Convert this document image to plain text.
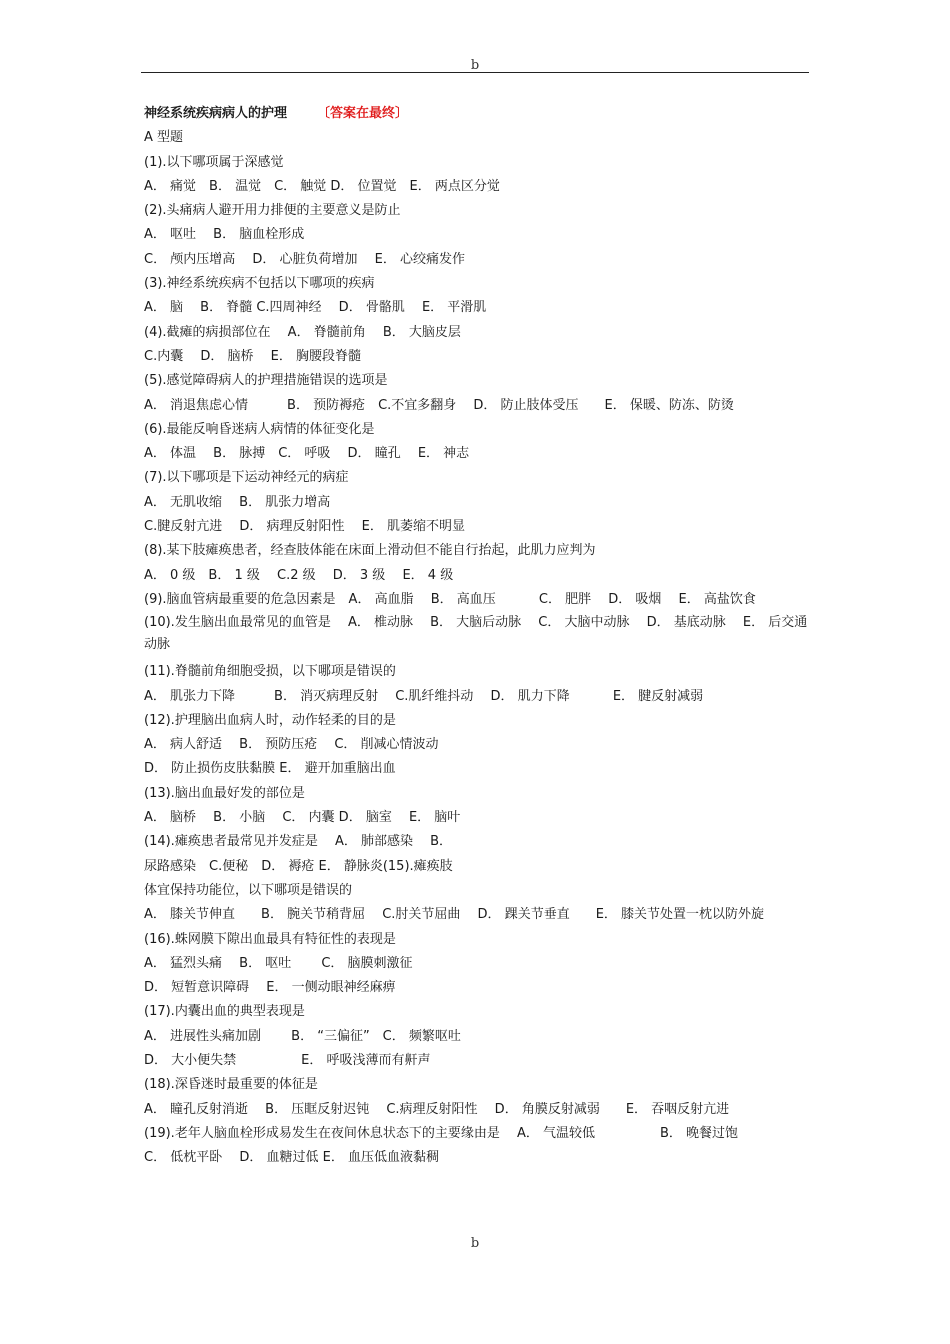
b
神经系统疾病病人的护理 〔答案在最终〕
A 型题
(1).以下哪项属于深感觉
A． 痛觉　B． 温觉　C． 触觉 D． 位置觉　E． 两点区分觉
(2).头痛病人避开用力排便的主要意义是防止
A． 呕吐　 B． 脑血栓形成
C． 颅内压增高　 D． 心脏负荷增加　 E． 心绞痛发作
(3).神经系统疾病不包括以下哪项的疾病
A． 脑　 B． 脊髓 C.四周神经　 D． 骨骼肌　 E． 平滑肌
(4).截瘫的病损部位在　 A． 脊髓前角　 B． 大脑皮层
C.内囊　 D． 脑桥　 E． 胸腰段脊髓
(5).感觉障碍病人的护理措施错误的选项是
A． 消退焦虑心情　　　B． 预防褥疮　C.不宜多翻身　 D． 防止肢体受压　　E． 保暖、防冻、防烫
(6).最能反响昏迷病人病情的体征变化是
A． 体温　 B． 脉搏　C． 呼吸　 D． 瞳孔　 E． 神志
(7).以下哪项是下运动神经元的病症
A． 无肌收缩　 B． 肌张力增高
C.腱反射亢进　 D． 病理反射阳性　 E． 肌萎缩不明显
(8).某下肢瘫痪患者，经查肢体能在床面上滑动但不能自行抬起，此肌力应判为
A． 0 级　B． 1 级　 C.2 级　 D． 3 级　 E． 4 级
(9).脑血管病最重要的危急因素是　A． 高血脂　 B． 高血压　　　 C． 肥胖　 D． 吸烟　 E． 高盐饮食
(10).发生脑出血最常见的血管是　 A． 椎动脉　 B． 大脑后动脉　 C． 大脑中动脉　 D． 基底动脉　 E． 后交通动脉
(11).脊髓前角细胞受损，以下哪项是错误的
A． 肌张力下降　　　B． 消灭病理反射　 C.肌纤维抖动　 D． 肌力下降　　　 E． 腱反射减弱
(12).护理脑出血病人时，动作轻柔的目的是
A． 病人舒适　 B． 预防压疮　 C． 削减心情波动
D． 防止损伤皮肤黏膜 E． 避开加重脑出血
(13).脑出血最好发的部位是
A． 脑桥　 B． 小脑　 C． 内囊 D． 脑室　 E． 脑叶
(14).瘫痪患者最常见并发症是　 A． 肺部感染　 B．
尿路感染　C.便秘　D． 褥疮 E． 静脉炎(15).瘫痪肢
体宜保持功能位，以下哪项是错误的
A． 膝关节伸直　　B． 腕关节稍背屈　 C.肘关节屈曲　 D． 踝关节垂直　　E． 膝关节处置一枕以防外旋
(16).蛛网膜下隙出血最具有特征性的表现是
A． 猛烈头痛　 B． 呕吐　　 C． 脑膜刺激征
D． 短暂意识障碍　 E． 一侧动眼神经麻痹
(17).内囊出血的典型表现是
A． 进展性头痛加剧　　 B． “三偏征”　C． 频繁呕吐
D． 大小便失禁　　　　　E． 呼吸浅薄而有鼾声
(18).深昏迷时最重要的体征是
A． 瞳孔反射消逝　 B． 压眶反射迟钝　 C.病理反射阳性　 D． 角膜反射减弱　　E． 吞咽反射亢进
(19).老年人脑血栓形成易发生在夜间休息状态下的主要缘由是　 A． 气温较低　　　　　B． 晚餐过饱
C． 低枕平卧　 D． 血糖过低 E． 血压低血液黏稠
b
